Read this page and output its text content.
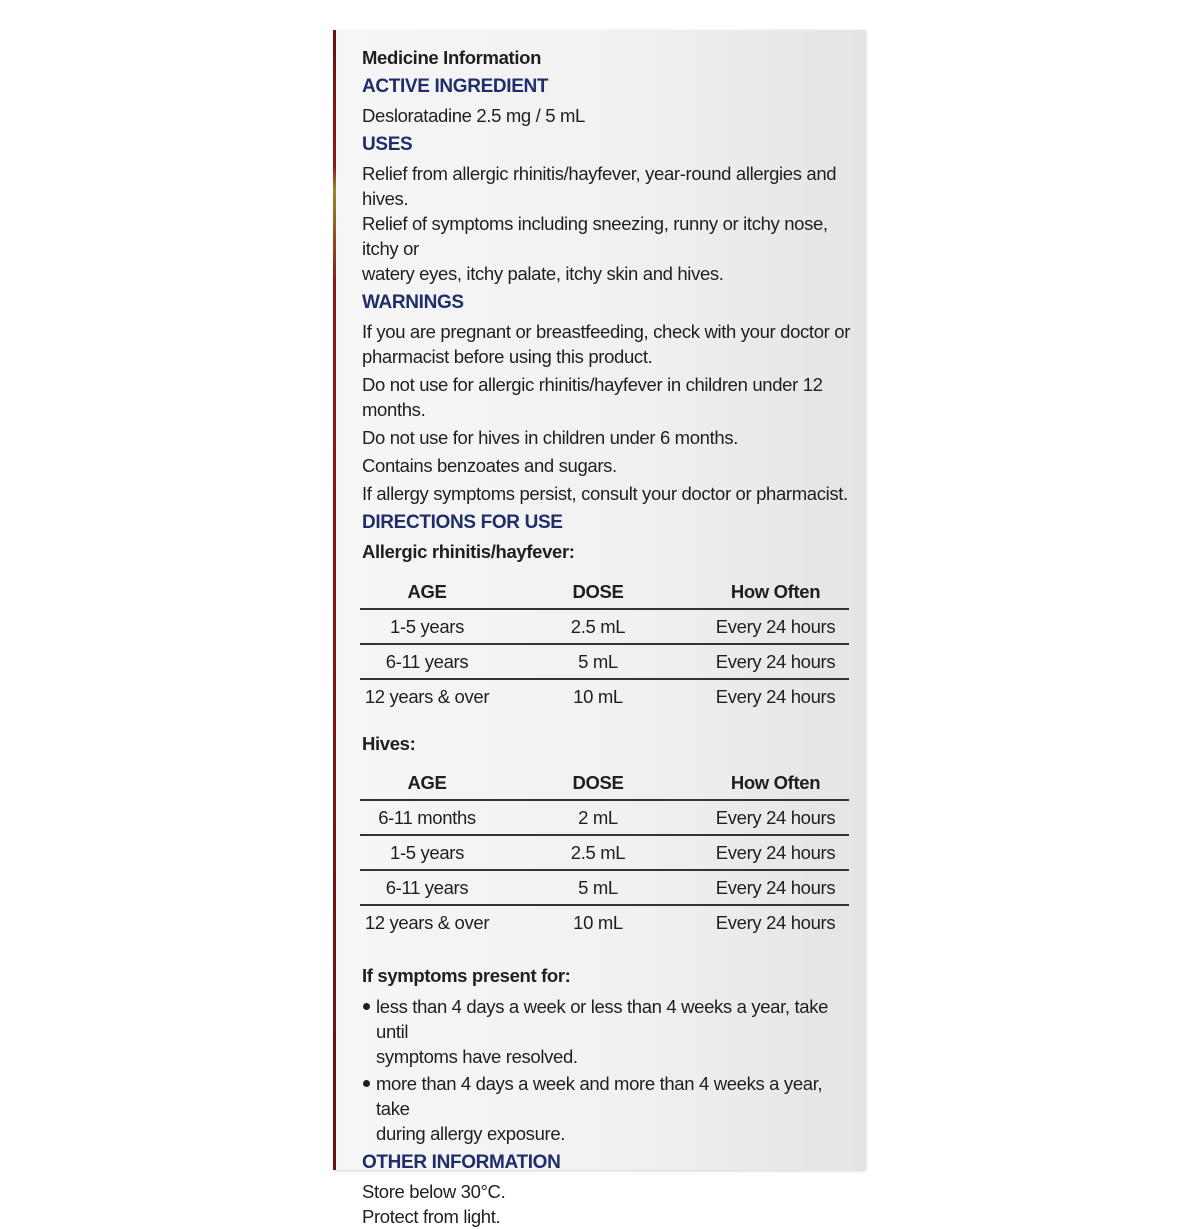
Medicine Information

ACTIVE INGREDIENT

Desloratadine 2.5 mg / 5 mL

USES

Relief from allergic rhinitis/hayfever, year-round allergies and hives.

Relief of symptoms including sneezing, runny or itchy nose, itchy or

watery eyes, itchy palate, itchy skin and hives.

WARNINGS

If you are pregnant or breastfeeding, check with your doctor or

pharmacist before using this product.

Do not use for allergic rhinitis/hayfever in children under 12 months.

Do not use for hives in children under 6 months.

Contains benzoates and sugars.

If allergy symptoms persist, consult your doctor or pharmacist.

DIRECTIONS FOR USE

Allergic rhinitis/hayfever:

AGE	DOSE	How Often
1-5 years	2.5 mL	Every 24 hours
6-11 years	5 mL	Every 24 hours
12 years & over	10 mL	Every 24 hours

Hives:

AGE	DOSE	How Often
6-11 months	2 mL	Every 24 hours
1-5 years	2.5 mL	Every 24 hours
6-11 years	5 mL	Every 24 hours
12 years & over	10 mL	Every 24 hours

If symptoms present for:

less than 4 days a week or less than 4 weeks a year, take until

symptoms have resolved.

more than 4 days a week and more than 4 weeks a year, take

during allergy exposure.

OTHER INFORMATION

Store below 30°C.

Protect from light.
